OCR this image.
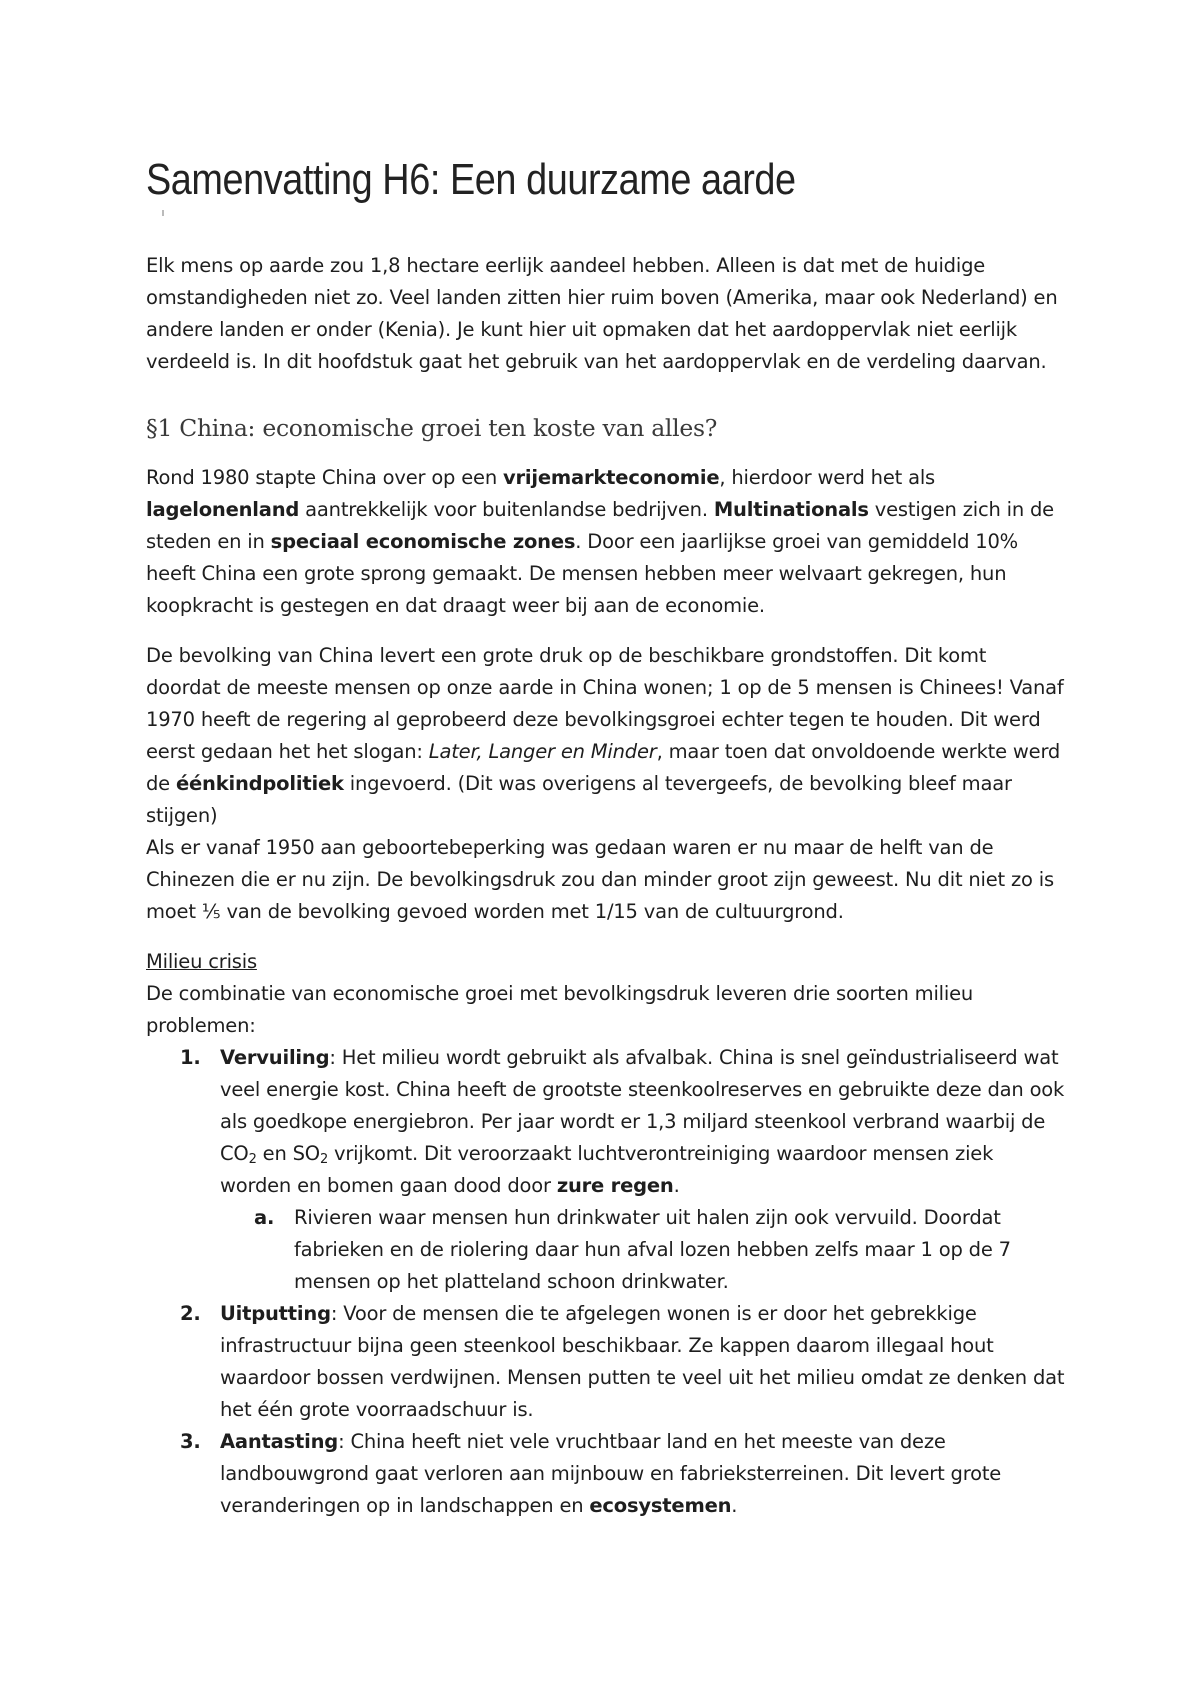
Samenvatting H6: Een duurzame aarde

Elk mens op aarde zou 1,8 hectare eerlijk aandeel hebben. Alleen is dat met de huidige omstandigheden niet zo. Veel landen zitten hier ruim boven (Amerika, maar ook Nederland) en andere landen er onder (Kenia). Je kunt hier uit opmaken dat het aardoppervlak niet eerlijk verdeeld is. In dit hoofdstuk gaat het gebruik van het aardoppervlak en de verdeling daarvan.

§1 China: economische groei ten koste van alles?

Rond 1980 stapte China over op een vrijemarkteconomie, hierdoor werd het als lagelonenland aantrekkelijk voor buitenlandse bedrijven. Multinationals vestigen zich in de steden en in speciaal economische zones. Door een jaarlijkse groei van gemiddeld 10% heeft China een grote sprong gemaakt. De mensen hebben meer welvaart gekregen, hun koopkracht is gestegen en dat draagt weer bij aan de economie.

De bevolking van China levert een grote druk op de beschikbare grondstoffen. Dit komt doordat de meeste mensen op onze aarde in China wonen; 1 op de 5 mensen is Chinees! Vanaf 1970 heeft de regering al geprobeerd deze bevolkingsgroei echter tegen te houden. Dit werd eerst gedaan het het slogan: Later, Langer en Minder, maar toen dat onvoldoende werkte werd de éénkindpolitiek ingevoerd. (Dit was overigens al tevergeefs, de bevolking bleef maar stijgen)
Als er vanaf 1950 aan geboortebeperking was gedaan waren er nu maar de helft van de Chinezen die er nu zijn. De bevolkingsdruk zou dan minder groot zijn geweest. Nu dit niet zo is moet ⅕ van de bevolking gevoed worden met 1/15 van de cultuurgrond.

Milieu crisis

De combinatie van economische groei met bevolkingsdruk leveren drie soorten milieu problemen:

1. Vervuiling: Het milieu wordt gebruikt als afvalbak. China is snel geïndustrialiseerd wat veel energie kost. China heeft de grootste steenkoolreserves en gebruikte deze dan ook als goedkope energiebron. Per jaar wordt er 1,3 miljard steenkool verbrand waarbij de $CO_2$ en $SO_2$ vrijkomt. Dit veroorzaakt luchtverontreiniging waardoor mensen ziek worden en bomen gaan dood door zure regen.
a. Rivieren waar mensen hun drinkwater uit halen zijn ook vervuild. Doordat fabrieken en de riolering daar hun afval lozen hebben zelfs maar 1 op de 7 mensen op het platteland schoon drinkwater.
2. Uitputting: Voor de mensen die te afgelegen wonen is er door het gebrekkige infrastructuur bijna geen steenkool beschikbaar. Ze kappen daarom illegaal hout waardoor bossen verdwijnen. Mensen putten te veel uit het milieu omdat ze denken dat het één grote voorraadschuur is.
3. Aantasting: China heeft niet vele vruchtbaar land en het meeste van deze landbouwgrond gaat verloren aan mijnbouw en fabrieksterreinen. Dit levert grote veranderingen op in landschappen en ecosystemen.
